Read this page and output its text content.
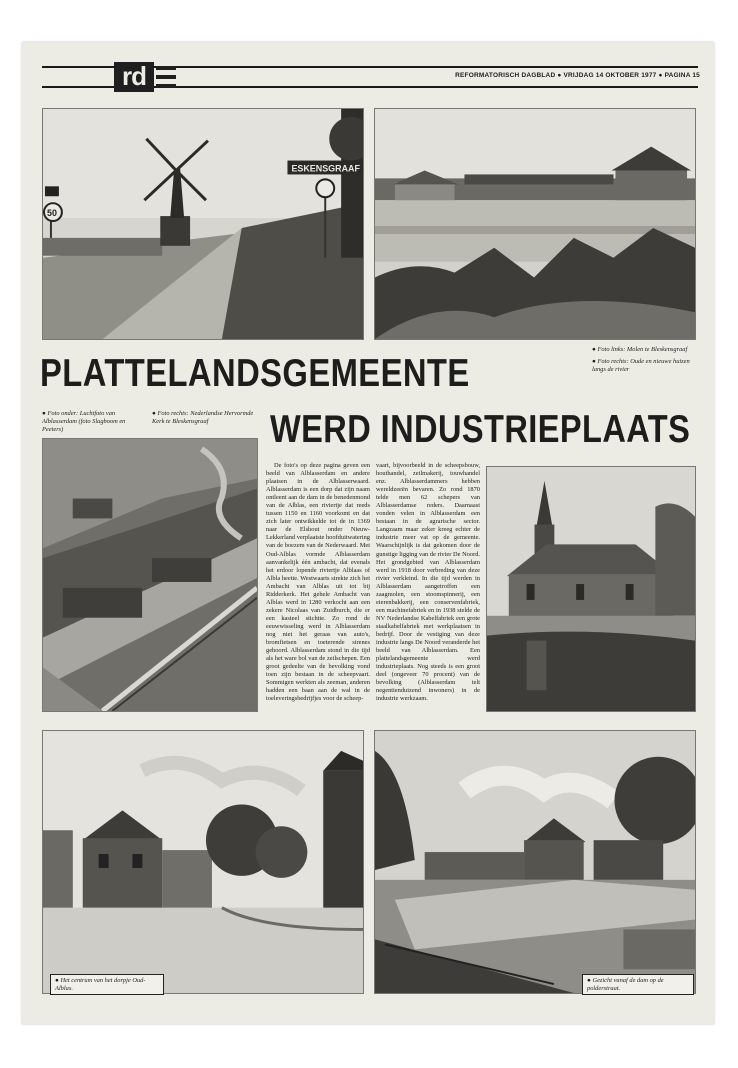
rd	REFORMATORISCH DAGBLAD ● VRIJDAG 14 OKTOBER 1977 ● PAGINA 15
ESKENSGRAAF
50
● Foto links: Molen te Bleskensgraaf
● Foto rechts: Oude en nieuwe huizen langs de rivier
PLATTELANDSGEMEENTE
WERD INDUSTRIEPLAATS
● Foto onder: Luchtfoto van Alblasserdam (foto Slagboom en Peeters)
● Foto rechts: Nederlandse Hervormde Kerk te Bleskensgraaf

De foto's op deze pagina geven een beeld van Alblasserdam en andere plaatsen in de Alblasserwaard. Alblasserdam is een dorp dat zijn naam ontleent aan de dam in de benedenmond van de Alblas, een riviertje dat reeds tussen 1150 en 1160 voorkomt en dat zich later ontwikkelde tot de in 1369 naar de Elshout onder Nieuw-Lekkerland verplaatste hoofduitwatering van de boezem van de Nederwaard. Met Oud-Alblas vormde Alblasserdam aanvankelijk één ambacht, dat evenals het erdoor lopende riviertje Alblaas of Albla heette. Westwaarts strekte zich het Ambacht van Alblas uit tot bij Ridderkerk. Het gehele Ambacht van Alblas werd in 1280 verkocht aan een zekere Nicolaas van Zuidburch, die er een kasteel stichtte. Zo rond de eeuwwisseling werd in Alblasserdam nog niet het geraas van auto's, bromfietsen en toeterende sirenes gehoord. Alblasserdam stond in die tijd als het ware bol van de zeilschepen. Een groot gedeelte van de bevolking vond toen zijn bestaan in de scheepvaart. Sommigen werkten als zeeman, anderen hadden een baan aan de wal in de toeleveringsbedrijfjes voor de scheep-

vaart, bijvoorbeeld in de scheepsbouw, houthandel, zeilmakerij, touwhandel enz. Alblasserdammers hebben wereldzeeën bevaren. Zo rond 1870 telde men 62 schepers van Alblasserdamse reders. Daarnaast vonden velen in Alblasserdam een bestaan in de agrarische sector. Langzaam maar zeker kreeg echter de industrie meer vat op de gemeente. Waarschijnlijk is dat gekomen door de gunstige ligging van de rivier De Noord. Het grondgebied van Alblasserdam werd in 1918 door verbreding van deze rivier verkleind. In die tijd werden in Alblasserdam aangetroffen een zaagmolen, een stoomspinnerij, een eierenbakkerij, een conservenfabriek, een machinefabriek en in 1938 stelde de NV Nederlandse Kabelfabriek een grote staalkabelfabriek met werkplaatsen in bedrijf. Door de vestiging van deze industrie langs De Noord veranderde het beeld van Alblasserdam. Een plattelandsgemeente werd industrieplaats. Nog steeds is een groot deel (ongeveer 70 procent) van de bevolking (Alblasserdam telt negentienduizend inwoners) in de industrie werkzaam.

● Het centrum van het dorpje Oud-Alblas.
● Gezicht vanaf de dam op de polderstraat.
